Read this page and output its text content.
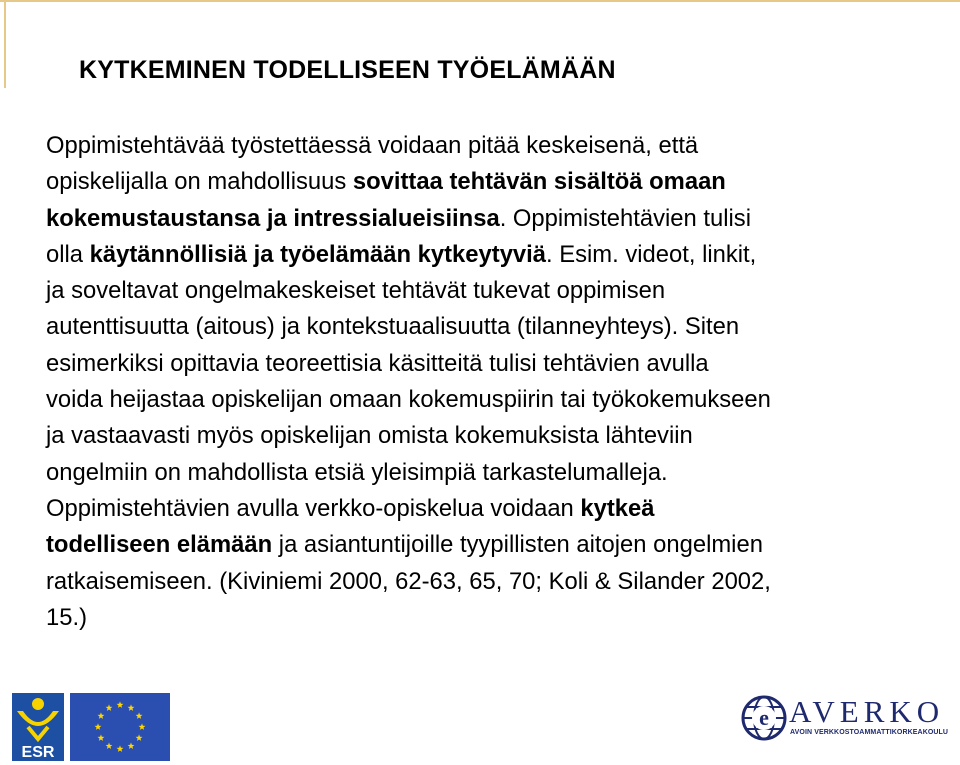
KYTKEMINEN TODELLISEEN TYÖELÄMÄÄN

Oppimistehtävää työstettäessä voidaan pitää keskeisenä, että

opiskelijalla on mahdollisuus sovittaa tehtävän sisältöä omaan

kokemustaustansa ja intressialueisiinsa. Oppimistehtävien tulisi

olla käytännöllisiä ja työelämään kytkeytyviä. Esim. videot, linkit,

ja soveltavat ongelmakeskeiset tehtävät tukevat oppimisen

autenttisuutta (aitous) ja kontekstuaalisuutta (tilanneyhteys). Siten

esimerkiksi opittavia teoreettisia käsitteitä tulisi tehtävien avulla

voida heijastaa opiskelijan omaan kokemuspiirin tai työkokemukseen

ja vastaavasti myös opiskelijan omista kokemuksista lähteviin

ongelmiin on mahdollista etsiä yleisimpiä tarkastelumalleja.

Oppimistehtävien avulla verkko-opiskelua voidaan kytkeä

todelliseen elämään ja asiantuntijoille tyypillisten aitojen ongelmien

ratkaisemiseen. (Kiviniemi 2000, 62-63, 65, 70; Koli & Silander 2002,

15.)

ESR
e AVERKO
AVOIN VERKKOSTOAMMATTIKORKEAKOULU
